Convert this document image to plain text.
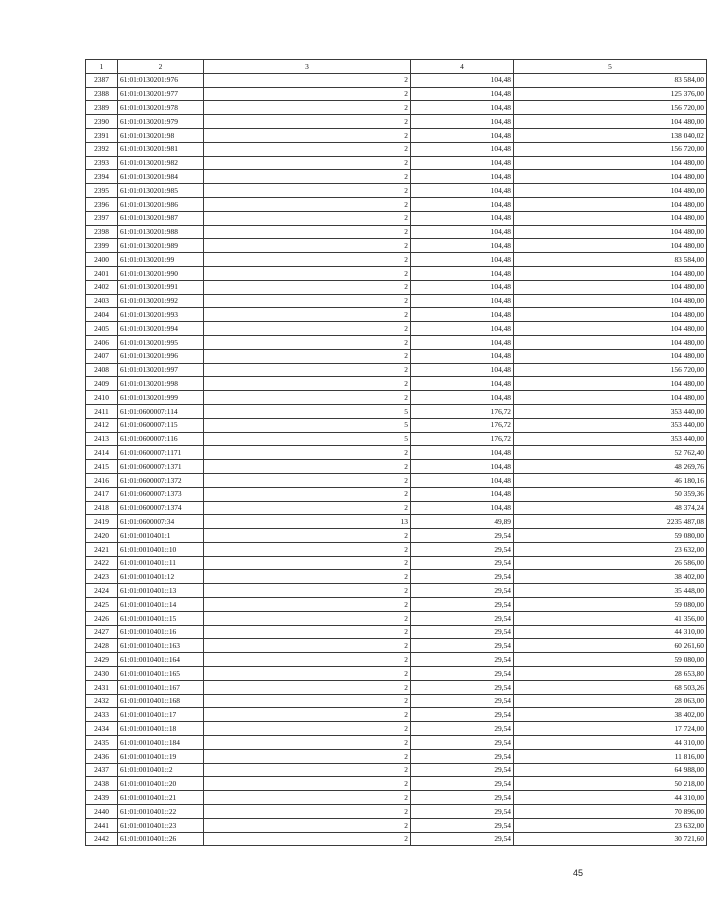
1	2	3	4	5
2387	61:01:0130201:976	2	104,48	83 584,00
2388	61:01:0130201:977	2	104,48	125 376,00
2389	61:01:0130201:978	2	104,48	156 720,00
2390	61:01:0130201:979	2	104,48	104 480,00
2391	61:01:0130201:98	2	104,48	138 040,02
2392	61:01:0130201:981	2	104,48	156 720,00
2393	61:01:0130201:982	2	104,48	104 480,00
2394	61:01:0130201:984	2	104,48	104 480,00
2395	61:01:0130201:985	2	104,48	104 480,00
2396	61:01:0130201:986	2	104,48	104 480,00
2397	61:01:0130201:987	2	104,48	104 480,00
2398	61:01:0130201:988	2	104,48	104 480,00
2399	61:01:0130201:989	2	104,48	104 480,00
2400	61:01:0130201:99	2	104,48	83 584,00
2401	61:01:0130201:990	2	104,48	104 480,00
2402	61:01:0130201:991	2	104,48	104 480,00
2403	61:01:0130201:992	2	104,48	104 480,00
2404	61:01:0130201:993	2	104,48	104 480,00
2405	61:01:0130201:994	2	104,48	104 480,00
2406	61:01:0130201:995	2	104,48	104 480,00
2407	61:01:0130201:996	2	104,48	104 480,00
2408	61:01:0130201:997	2	104,48	156 720,00
2409	61:01:0130201:998	2	104,48	104 480,00
2410	61:01:0130201:999	2	104,48	104 480,00
2411	61:01:0600007:114	5	176,72	353 440,00
2412	61:01:0600007:115	5	176,72	353 440,00
2413	61:01:0600007:116	5	176,72	353 440,00
2414	61:01:0600007:1171	2	104,48	52 762,40
2415	61:01:0600007:1371	2	104,48	48 269,76
2416	61:01:0600007:1372	2	104,48	46 180,16
2417	61:01:0600007:1373	2	104,48	50 359,36
2418	61:01:0600007:1374	2	104,48	48 374,24
2419	61:01:0600007:34	13	49,89	2235 487,08
2420	61:01:0010401:1	2	29,54	59 080,00
2421	61:01:0010401::10	2	29,54	23 632,00
2422	61:01:0010401::11	2	29,54	26 586,00
2423	61:01:0010401:12	2	29,54	38 402,00
2424	61:01:0010401::13	2	29,54	35 448,00
2425	61:01:0010401::14	2	29,54	59 080,00
2426	61:01:0010401::15	2	29,54	41 356,00
2427	61:01:0010401::16	2	29,54	44 310,00
2428	61:01:0010401::163	2	29,54	60 261,60
2429	61:01:0010401::164	2	29,54	59 080,00
2430	61:01:0010401::165	2	29,54	28 653,80
2431	61:01:0010401::167	2	29,54	68 503,26
2432	61:01:0010401::168	2	29,54	28 063,00
2433	61:01:0010401::17	2	29,54	38 402,00
2434	61:01:0010401::18	2	29,54	17 724,00
2435	61:01:0010401::184	2	29,54	44 310,00
2436	61:01:0010401::19	2	29,54	11 816,00
2437	61:01:0010401::2	2	29,54	64 988,00
2438	61:01:0010401::20	2	29,54	50 218,00
2439	61:01:0010401::21	2	29,54	44 310,00
2440	61:01:0010401::22	2	29,54	70 896,00
2441	61:01:0010401::23	2	29,54	23 632,00
2442	61:01:0010401::26	2	29,54	30 721,60
45
